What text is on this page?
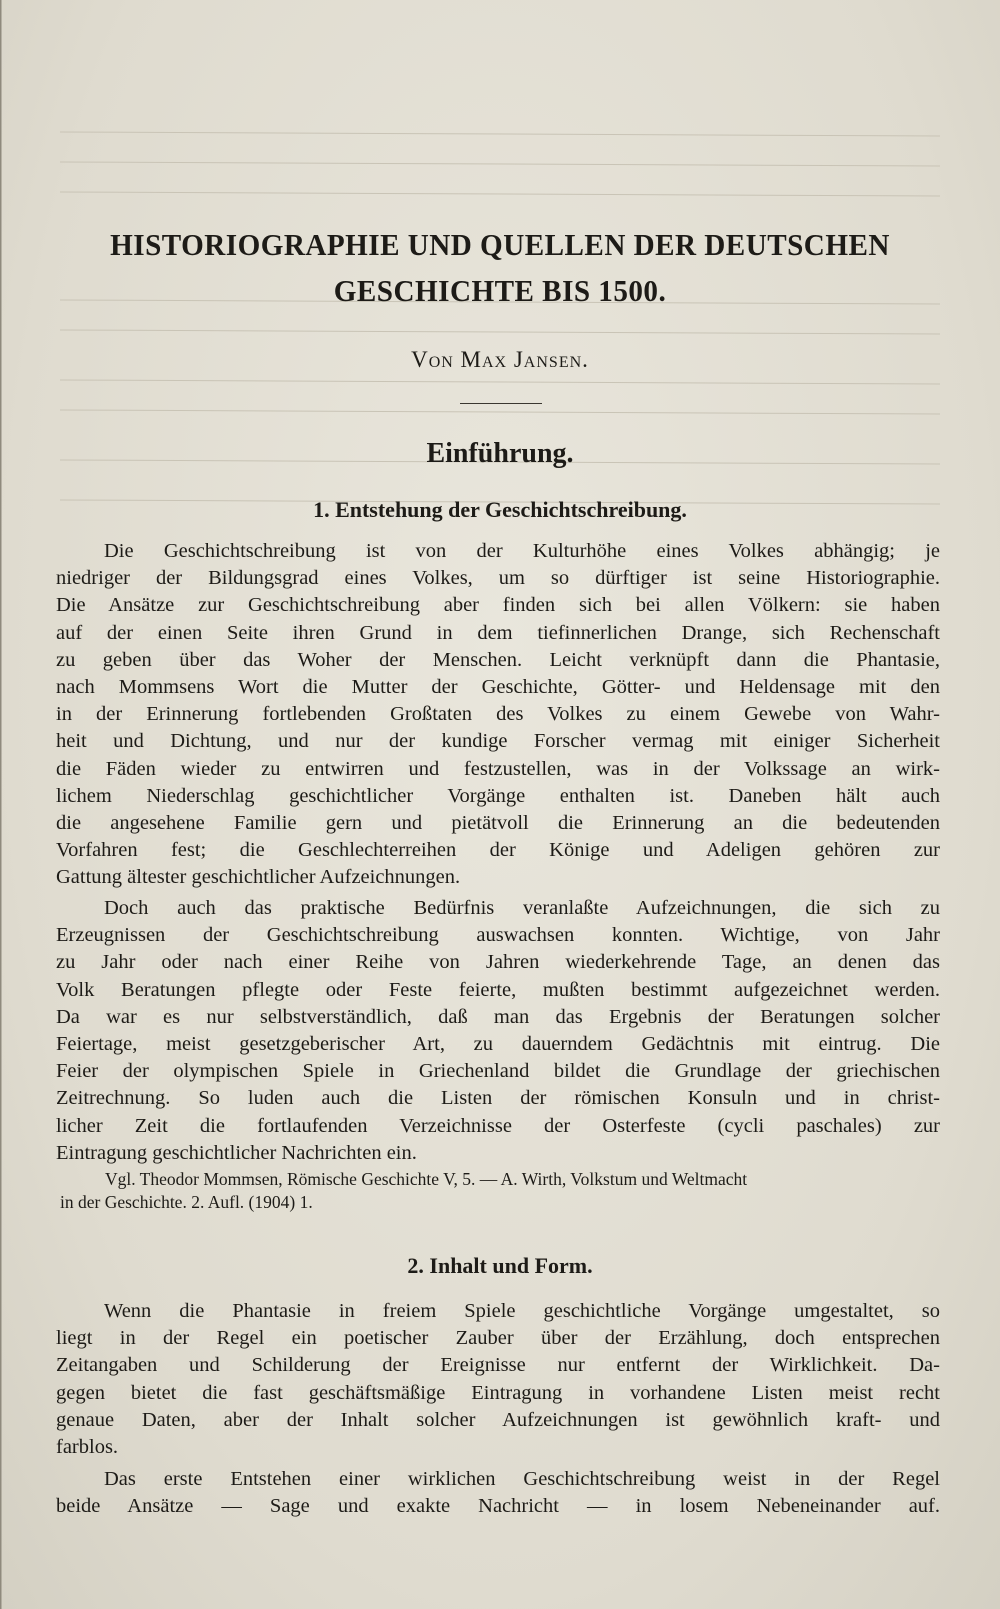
HISTORIOGRAPHIE UND QUELLEN DER DEUTSCHEN
GESCHICHTE BIS 1500.
Von Max Jansen.
Einführung.
1. Entstehung der Geschichtschreibung.
Die Geschichtschreibung ist von der Kulturhöhe eines Volkes abhängig; je
niedriger der Bildungsgrad eines Volkes, um so dürftiger ist seine Historiographie.
Die Ansätze zur Geschichtschreibung aber finden sich bei allen Völkern: sie haben
auf der einen Seite ihren Grund in dem tiefinnerlichen Drange, sich Rechenschaft
zu geben über das Woher der Menschen. Leicht verknüpft dann die Phantasie,
nach Mommsens Wort die Mutter der Geschichte, Götter- und Heldensage mit den
in der Erinnerung fortlebenden Großtaten des Volkes zu einem Gewebe von Wahr-
heit und Dichtung, und nur der kundige Forscher vermag mit einiger Sicherheit
die Fäden wieder zu entwirren und festzustellen, was in der Volkssage an wirk-
lichem Niederschlag geschichtlicher Vorgänge enthalten ist. Daneben hält auch
die angesehene Familie gern und pietätvoll die Erinnerung an die bedeutenden
Vorfahren fest; die Geschlechterreihen der Könige und Adeligen gehören zur
Gattung ältester geschichtlicher Aufzeichnungen.
Doch auch das praktische Bedürfnis veranlaßte Aufzeichnungen, die sich zu
Erzeugnissen der Geschichtschreibung auswachsen konnten. Wichtige, von Jahr
zu Jahr oder nach einer Reihe von Jahren wiederkehrende Tage, an denen das
Volk Beratungen pflegte oder Feste feierte, mußten bestimmt aufgezeichnet werden.
Da war es nur selbstverständlich, daß man das Ergebnis der Beratungen solcher
Feiertage, meist gesetzgeberischer Art, zu dauerndem Gedächtnis mit eintrug. Die
Feier der olympischen Spiele in Griechenland bildet die Grundlage der griechischen
Zeitrechnung. So luden auch die Listen der römischen Konsuln und in christ-
licher Zeit die fortlaufenden Verzeichnisse der Osterfeste (cycli paschales) zur
Eintragung geschichtlicher Nachrichten ein.
Vgl. Theodor Mommsen, Römische Geschichte V, 5. — A. Wirth, Volkstum und Weltmacht
in der Geschichte. 2. Aufl. (1904) 1.
2. Inhalt und Form.
Wenn die Phantasie in freiem Spiele geschichtliche Vorgänge umgestaltet, so
liegt in der Regel ein poetischer Zauber über der Erzählung, doch entsprechen
Zeitangaben und Schilderung der Ereignisse nur entfernt der Wirklichkeit. Da-
gegen bietet die fast geschäftsmäßige Eintragung in vorhandene Listen meist recht
genaue Daten, aber der Inhalt solcher Aufzeichnungen ist gewöhnlich kraft- und
farblos.
Das erste Entstehen einer wirklichen Geschichtschreibung weist in der Regel
beide Ansätze — Sage und exakte Nachricht — in losem Nebeneinander auf.
